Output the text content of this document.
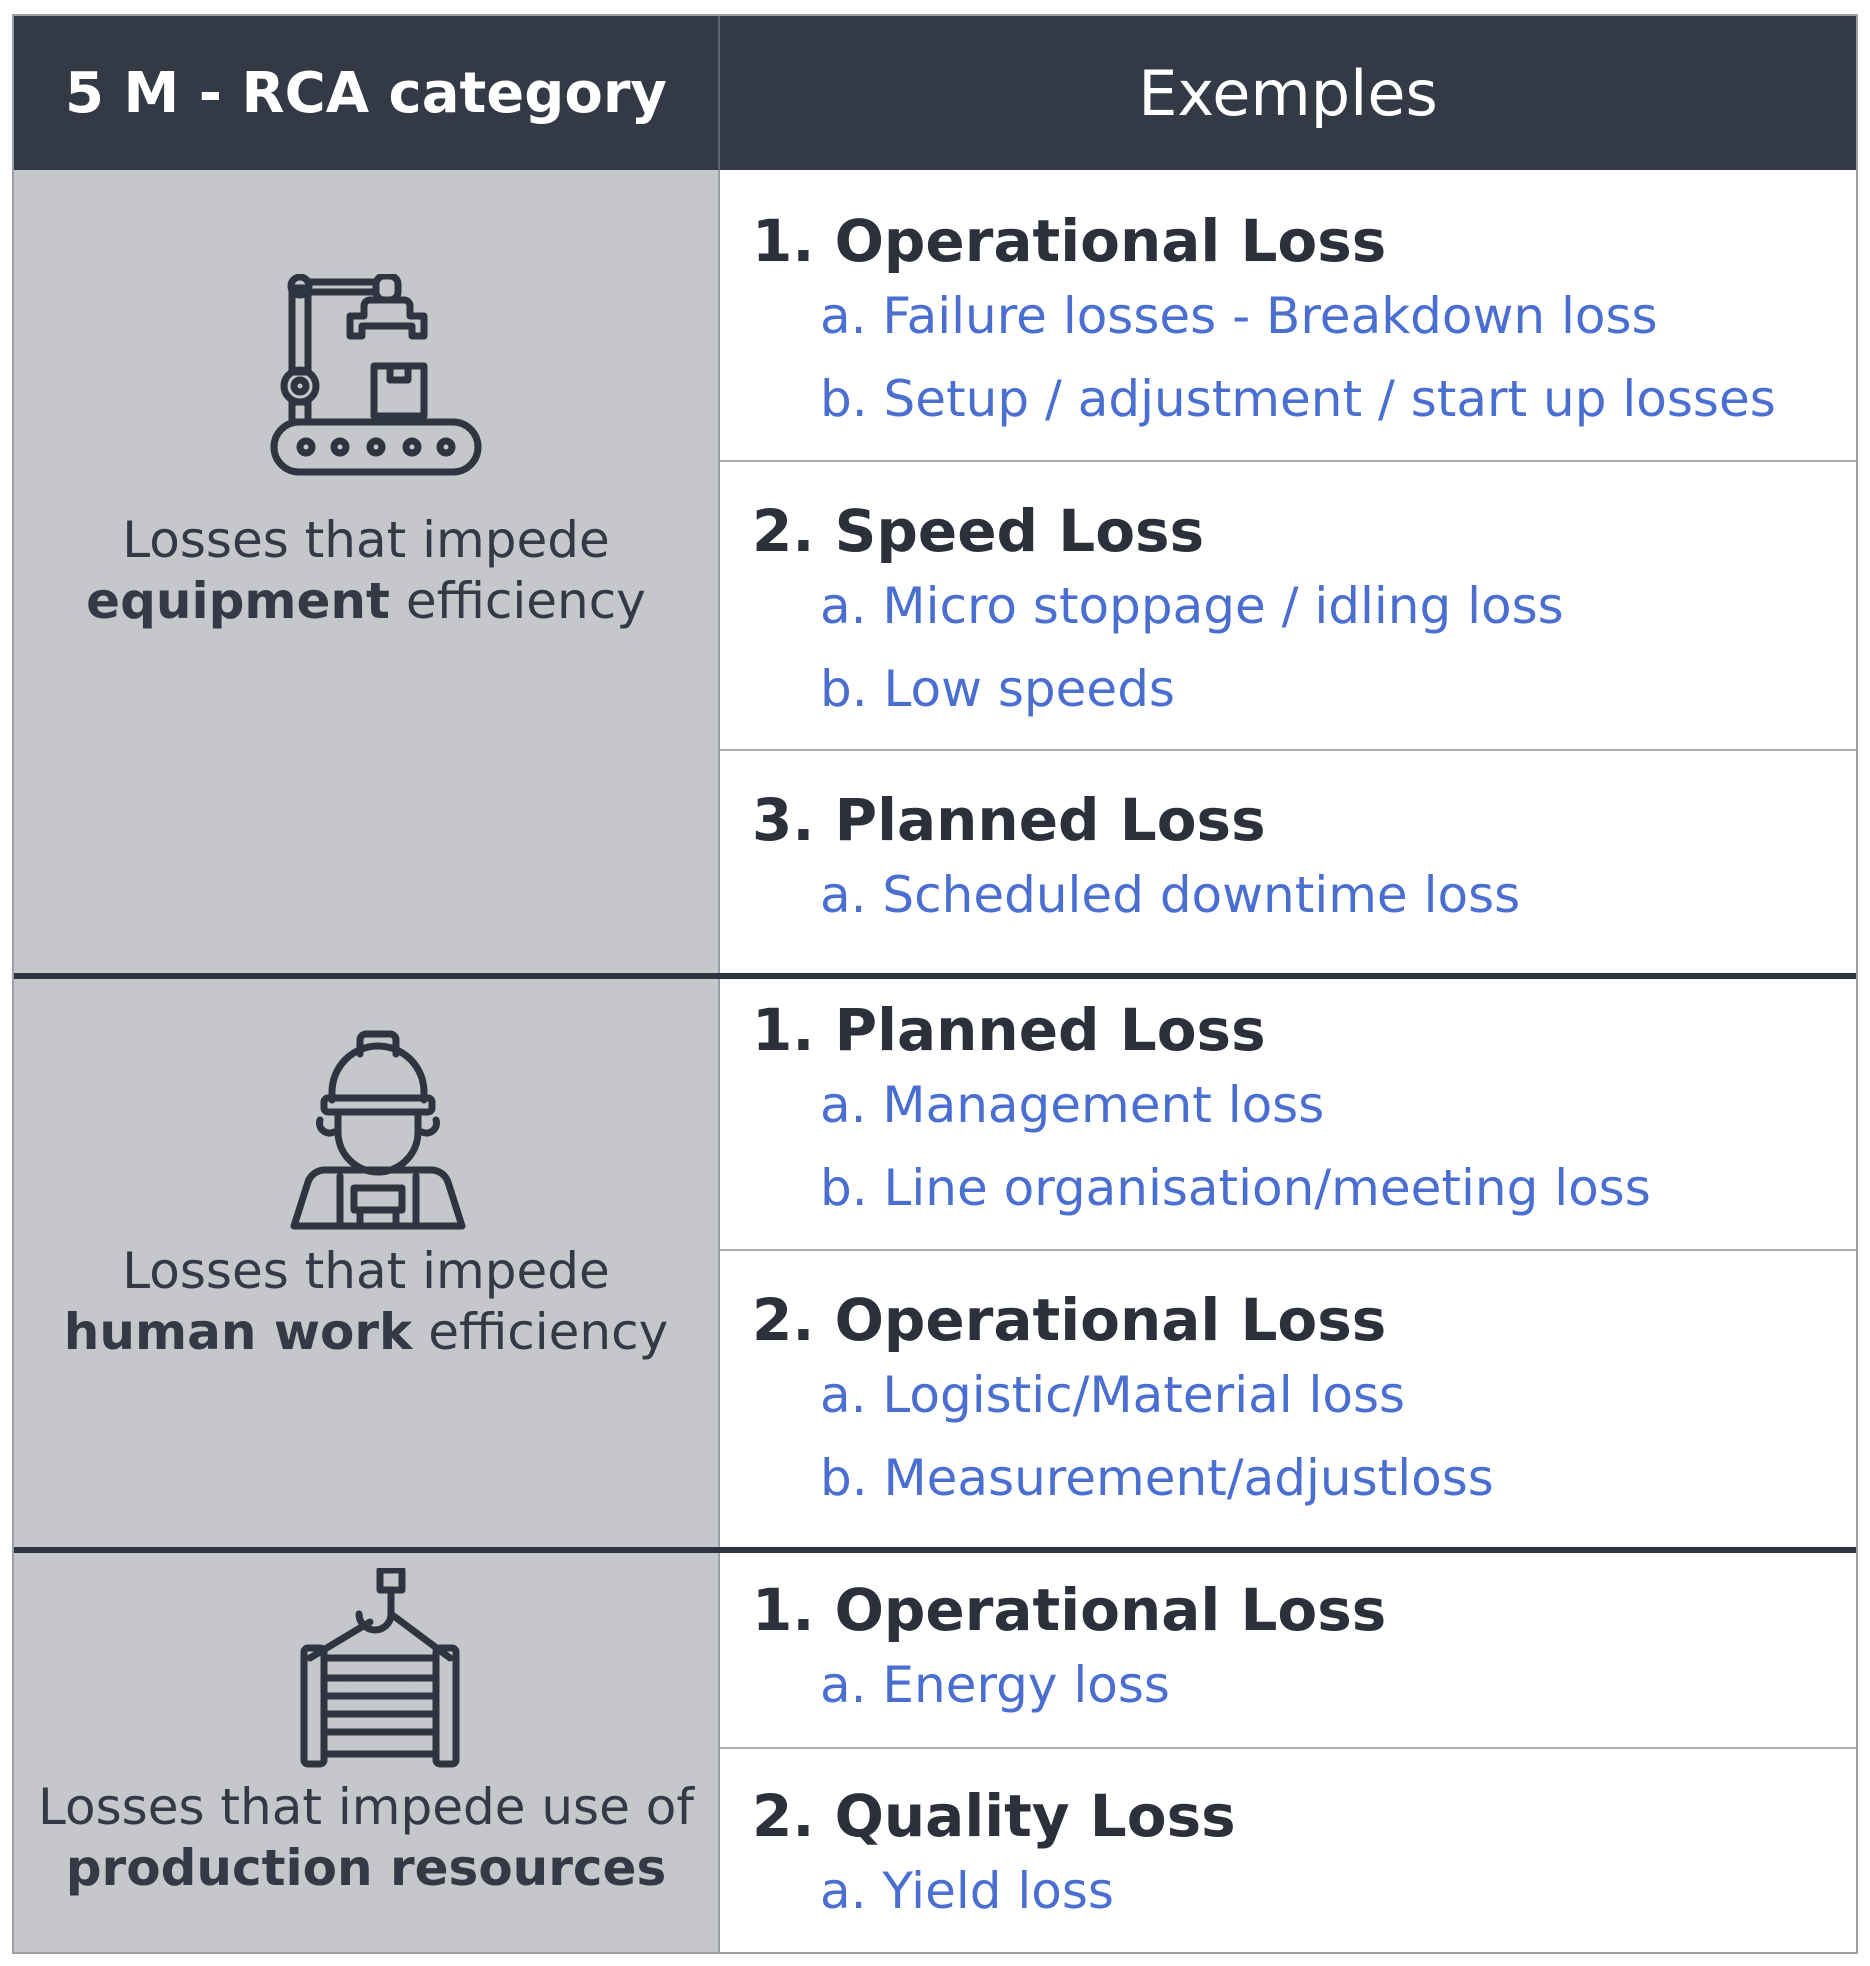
5 M - RCA category	Exemples
Losses that impede
equipment efficiency
1. Operational Loss
a. Failure losses - Breakdown loss
b. Setup / adjustment / start up losses
2. Speed Loss
a. Micro stoppage / idling loss
b. Low speeds
3. Planned Loss
a. Scheduled downtime loss
Losses that impede
human work efficiency
1. Planned Loss
a. Management loss
b. Line organisation/meeting loss
2. Operational Loss
a. Logistic/Material loss
b. Measurement/adjustloss
Losses that impede use of
production resources
1. Operational Loss
a. Energy loss
2. Quality Loss
a. Yield loss
